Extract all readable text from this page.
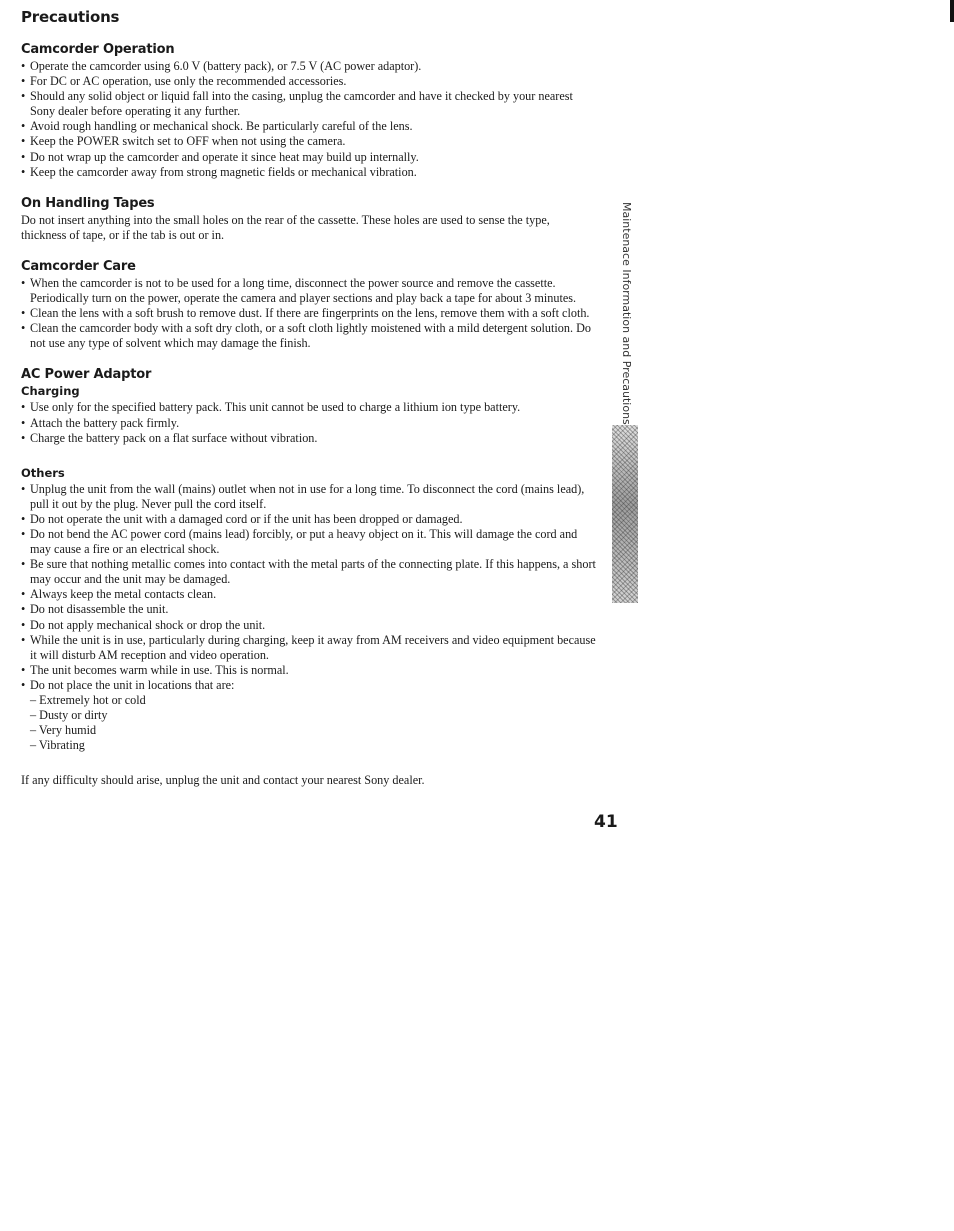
Precautions
Camcorder Operation
• Operate the camcorder using 6.0 V (battery pack), or 7.5 V (AC power adaptor).
• For DC or AC operation, use only the recommended accessories.
• Should any solid object or liquid fall into the casing, unplug the camcorder and have it checked by your nearest Sony dealer before operating it any further.
• Avoid rough handling or mechanical shock. Be particularly careful of the lens.
• Keep the POWER switch set to OFF when not using the camera.
• Do not wrap up the camcorder and operate it since heat may build up internally.
• Keep the camcorder away from strong magnetic fields or mechanical vibration.
On Handling Tapes

Do not insert anything into the small holes on the rear of the cassette. These holes are used to sense the type, thickness of tape, or if the tab is out or in.

Camcorder Care
• When the camcorder is not to be used for a long time, disconnect the power source and remove the cassette. Periodically turn on the power, operate the camera and player sections and play back a tape for about 3 minutes.
• Clean the lens with a soft brush to remove dust. If there are fingerprints on the lens, remove them with a soft cloth.
• Clean the camcorder body with a soft dry cloth, or a soft cloth lightly moistened with a mild detergent solution. Do not use any type of solvent which may damage the finish.
AC Power Adaptor
Charging
• Use only for the specified battery pack. This unit cannot be used to charge a lithium ion type battery.
• Attach the battery pack firmly.
• Charge the battery pack on a flat surface without vibration.
Others
• Unplug the unit from the wall (mains) outlet when not in use for a long time. To disconnect the cord (mains lead), pull it out by the plug. Never pull the cord itself.
• Do not operate the unit with a damaged cord or if the unit has been dropped or damaged.
• Do not bend the AC power cord (mains lead) forcibly, or put a heavy object on it. This will damage the cord and may cause a fire or an electrical shock.
• Be sure that nothing metallic comes into contact with the metal parts of the connecting plate. If this happens, a short may occur and the unit may be damaged.
• Always keep the metal contacts clean.
• Do not disassemble the unit.
• Do not apply mechanical shock or drop the unit.
• While the unit is in use, particularly during charging, keep it away from AM receivers and video equipment because it will disturb AM reception and video operation.
• The unit becomes warm while in use. This is normal.
• Do not place the unit in locations that are:
– Extremely hot or cold
– Dusty or dirty
– Very humid
– Vibrating

If any difficulty should arise, unplug the unit and contact your nearest Sony dealer.

Maintenace Information and Precautions
41
